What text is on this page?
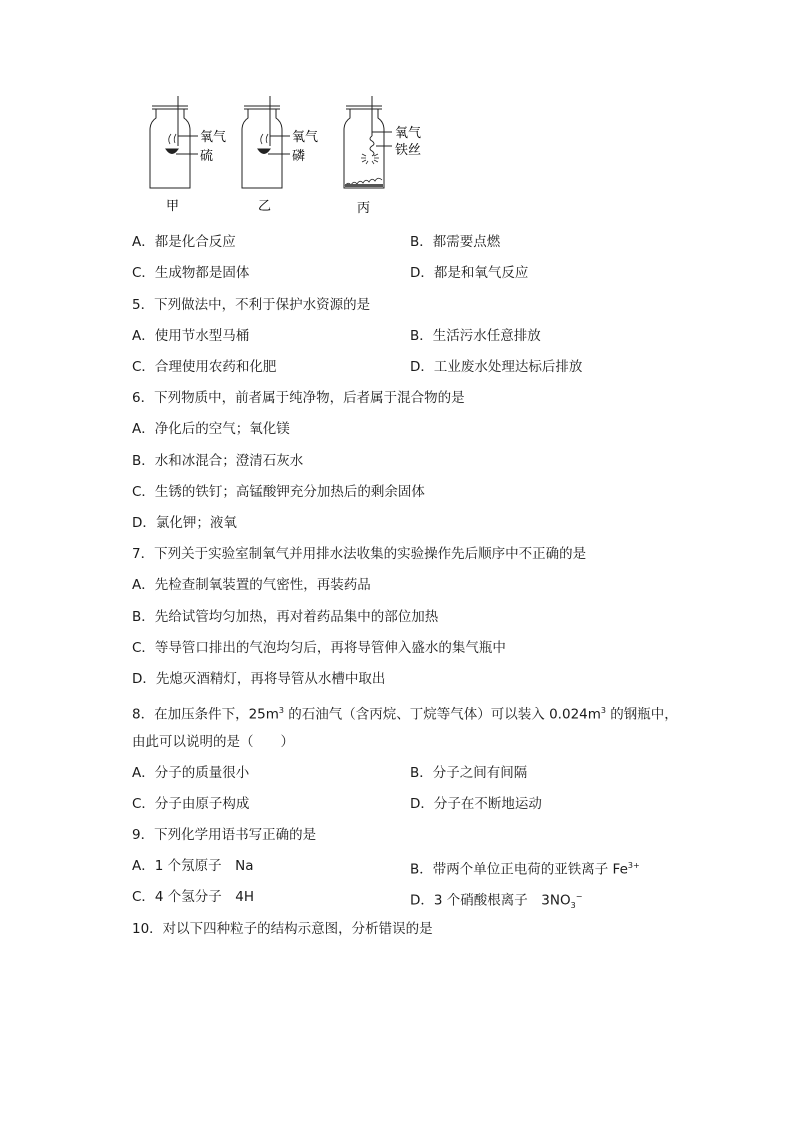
氧气
硫
甲
氧气
磷
乙
氧气
铁丝
丙
A．都是化合反应	B．都需要点燃
C．生成物都是固体	D．都是和氧气反应
5．下列做法中，不利于保护水资源的是
A．使用节水型马桶	B．生活污水任意排放
C．合理使用农药和化肥	D．工业废水处理达标后排放
6．下列物质中，前者属于纯净物，后者属于混合物的是
A．净化后的空气；氧化镁
B．水和冰混合；澄清石灰水
C．生锈的铁钉；高锰酸钾充分加热后的剩余固体
D．氯化钾；液氧
7．下列关于实验室制氧气并用排水法收集的实验操作先后顺序中不正确的是
A．先检查制氧装置的气密性，再装药品
B．先给试管均匀加热，再对着药品集中的部位加热
C．等导管口排出的气泡均匀后，再将导管伸入盛水的集气瓶中
D．先熄灭酒精灯，再将导管从水槽中取出
8．在加压条件下，$25m^3$ 的石油气（含丙烷、丁烷等气体）可以装入 $0.024m^3$ 的钢瓶中，
由此可以说明的是（　　）
A．分子的质量很小	B．分子之间有间隔
C．分子由原子构成	D．分子在不断地运动
9．下列化学用语书写正确的是
A．1 个氖原子　Na	B．带两个单位正电荷的亚铁离子 $Fe^{3+}$
C．4 个氢分子　4H	D．3 个硝酸根离子　$3NO_3^-$
10．对以下四种粒子的结构示意图，分析错误的是
